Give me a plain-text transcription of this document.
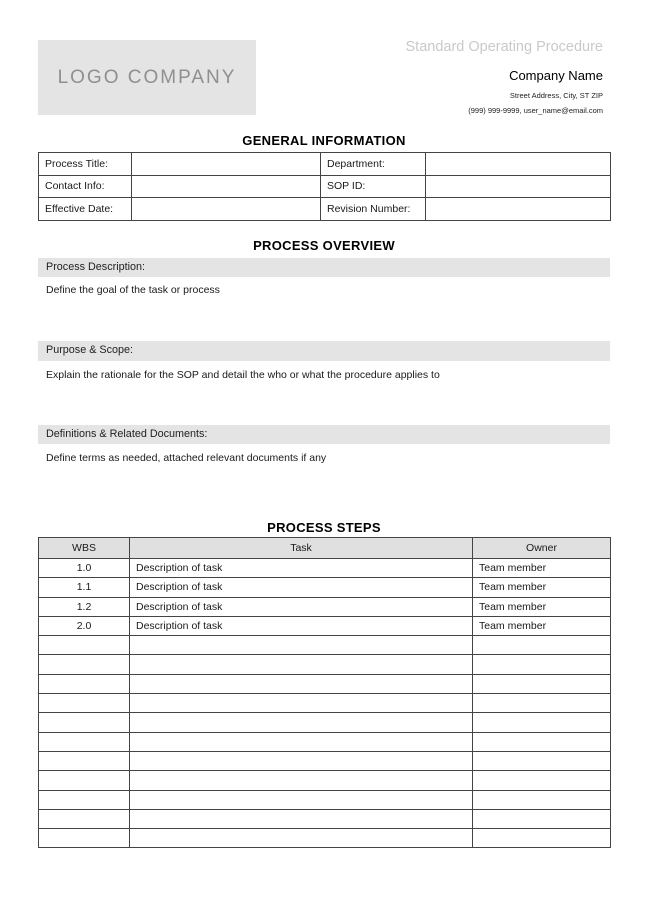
LOGO COMPANY
Standard Operating Procedure
Company Name
Street Address, City, ST ZIP
(999) 999-9999, user_name@email.com
GENERAL INFORMATION
Process Title:		Department:	
Contact Info:		SOP ID:	
Effective Date:		Revision Number:	
PROCESS OVERVIEW
Process Description:
Define the goal of the task or process
Purpose & Scope:
Explain the rationale for the SOP and detail the who or what the procedure applies to
Definitions & Related Documents:
Define terms as needed, attached relevant documents if any
PROCESS STEPS
WBS	Task	Owner
1.0	Description of task	Team member
1.1	Description of task	Team member
1.2	Description of task	Team member
2.0	Description of task	Team member
